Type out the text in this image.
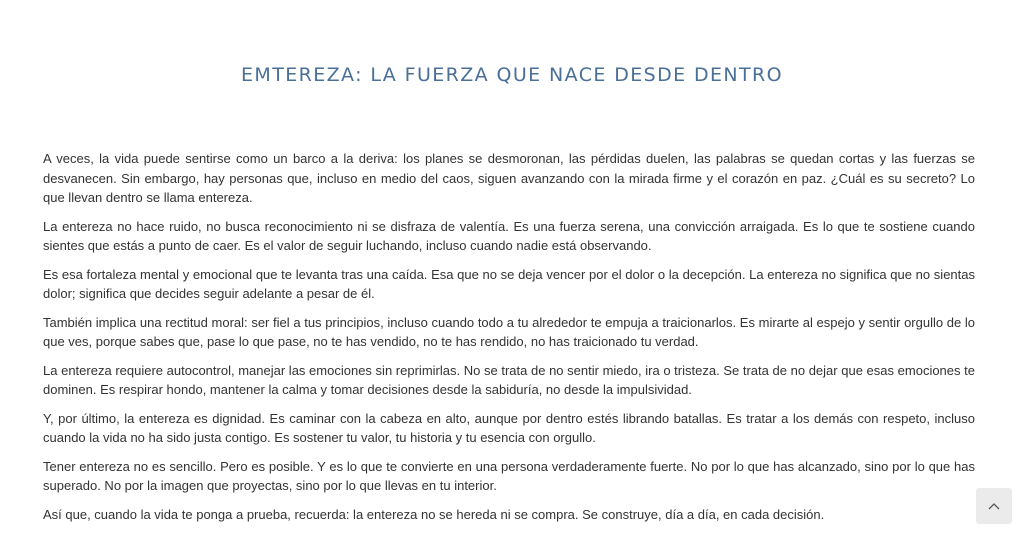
EMTEREZA: LA FUERZA QUE NACE DESDE DENTRO

A veces, la vida puede sentirse como un barco a la deriva: los planes se desmoronan, las pérdidas duelen, las palabras se quedan cortas y las fuerzas se desvanecen. Sin embargo, hay personas que, incluso en medio del caos, siguen avanzando con la mirada firme y el corazón en paz. ¿Cuál es su secreto? Lo que llevan dentro se llama entereza.

La entereza no hace ruido, no busca reconocimiento ni se disfraza de valentía. Es una fuerza serena, una convicción arraigada. Es lo que te sostiene cuando sientes que estás a punto de caer. Es el valor de seguir luchando, incluso cuando nadie está observando.

Es esa fortaleza mental y emocional que te levanta tras una caída. Esa que no se deja vencer por el dolor o la decepción. La entereza no significa que no sientas dolor; significa que decides seguir adelante a pesar de él.

También implica una rectitud moral: ser fiel a tus principios, incluso cuando todo a tu alrededor te empuja a traicionarlos. Es mirarte al espejo y sentir orgullo de lo que ves, porque sabes que, pase lo que pase, no te has vendido, no te has rendido, no has traicionado tu verdad.

La entereza requiere autocontrol, manejar las emociones sin reprimirlas. No se trata de no sentir miedo, ira o tristeza. Se trata de no dejar que esas emociones te dominen. Es respirar hondo, mantener la calma y tomar decisiones desde la sabiduría, no desde la impulsividad.

Y, por último, la entereza es dignidad. Es caminar con la cabeza en alto, aunque por dentro estés librando batallas. Es tratar a los demás con respeto, incluso cuando la vida no ha sido justa contigo. Es sostener tu valor, tu historia y tu esencia con orgullo.

Tener entereza no es sencillo. Pero es posible. Y es lo que te convierte en una persona verdaderamente fuerte. No por lo que has alcanzado, sino por lo que has superado. No por la imagen que proyectas, sino por lo que llevas en tu interior.

Así que, cuando la vida te ponga a prueba, recuerda: la entereza no se hereda ni se compra. Se construye, día a día, en cada decisión.
